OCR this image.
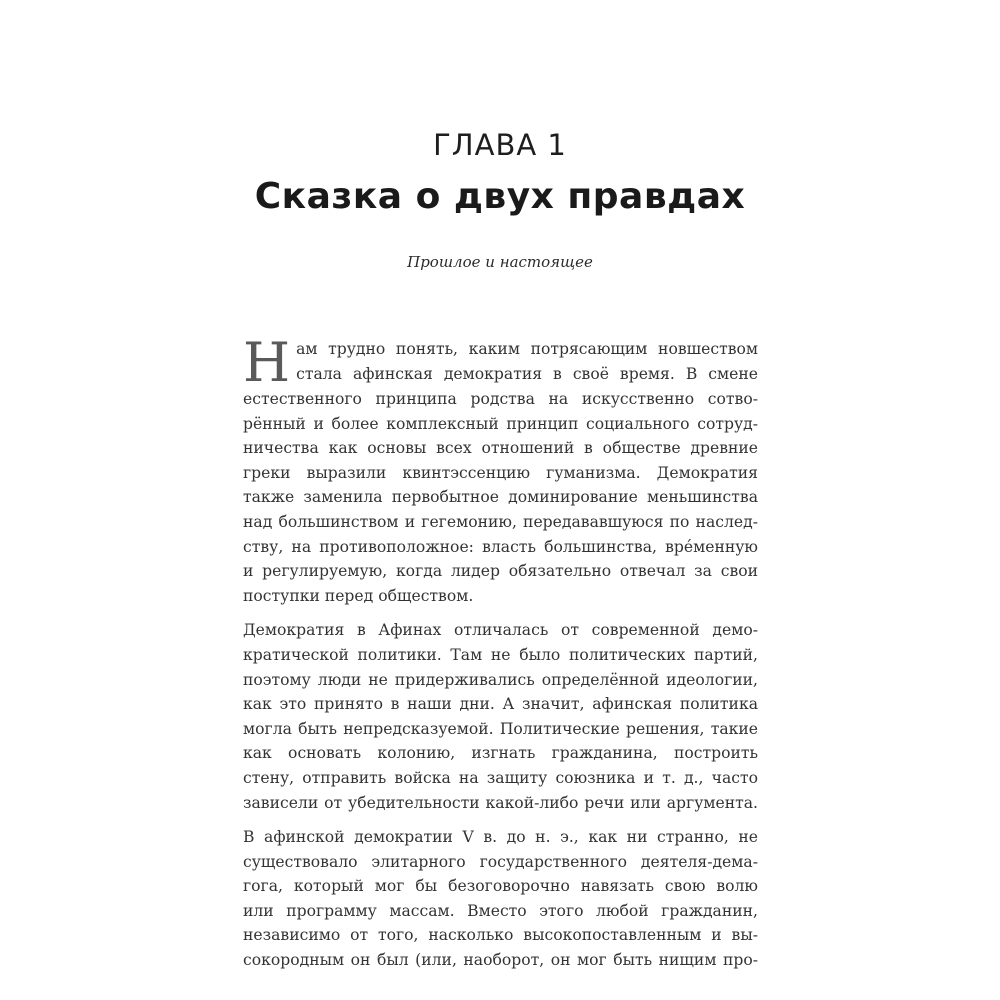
ГЛАВА 1
Сказка о двух правдах
Прошлое и настоящее
Н ам трудно понять, каким потрясающим новшеством
стала афинская демократия в своё время. В смене
естественного принципа родства на искусственно сотво-
рённый и более комплексный принцип социального сотруд-
ничества как основы всех отношений в обществе древние
греки выразили квинтэссенцию гуманизма. Демократия
также заменила первобытное доминирование меньшинства
над большинством и гегемонию, передававшуюся по наслед-
ству, на противоположное: власть большинства, вре́менную
и регулируемую, когда лидер обязательно отвечал за свои
поступки перед обществом.
Демократия в Афинах отличалась от современной демо-
кратической политики. Там не было политических партий,
поэтому люди не придерживались определённой идеологии,
как это принято в наши дни. А значит, афинская политика
могла быть непредсказуемой. Политические решения, такие
как основать колонию, изгнать гражданина, построить
стену, отправить войска на защиту союзника и т. д., часто
зависели от убедительности какой-либо речи или аргумента.
В афинской демократии V в. до н. э., как ни странно, не
существовало элитарного государственного деятеля-дема-
гога, который мог бы безоговорочно навязать свою волю
или программу массам. Вместо этого любой гражданин,
независимо от того, насколько высокопоставленным и вы-
сокородным он был (или, наоборот, он мог быть нищим про-
